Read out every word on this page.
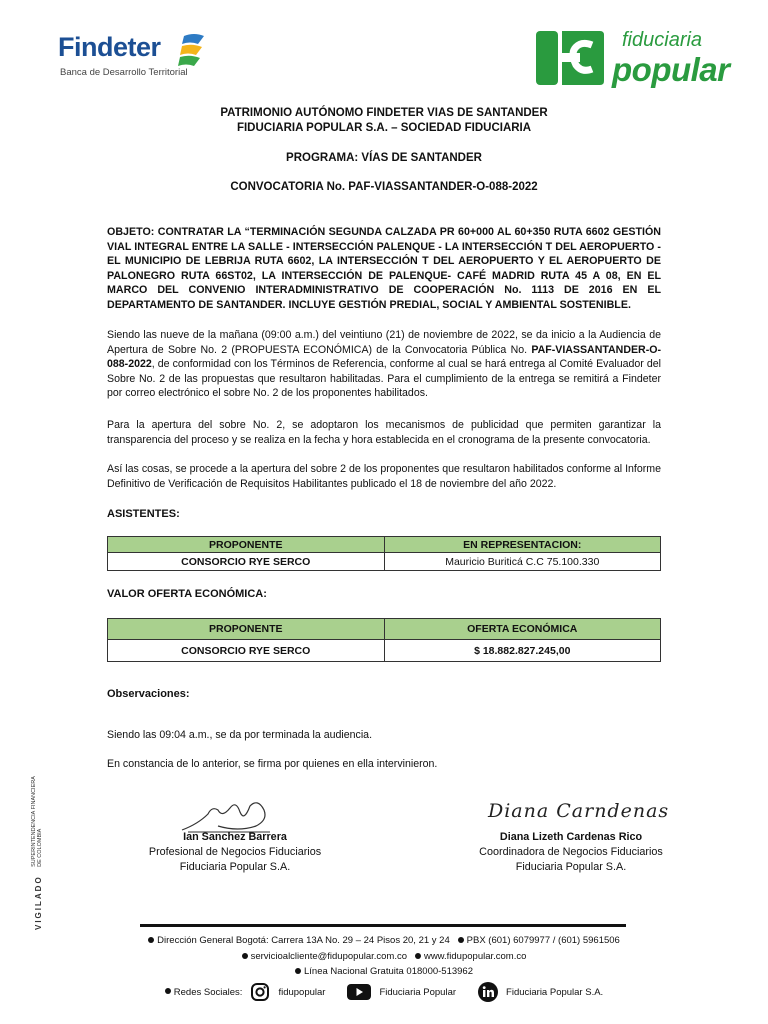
Findeter
Banca de Desarrollo Territorial
fiduciaria
popular
PATRIMONIO AUTÓNOMO FINDETER VIAS DE SANTANDER
FIDUCIARIA POPULAR S.A. – SOCIEDAD FIDUCIARIA
PROGRAMA: VÍAS DE SANTANDER
CONVOCATORIA No. PAF-VIASSANTANDER-O-088-2022
OBJETO: CONTRATAR LA “TERMINACIÓN SEGUNDA CALZADA PR 60+000 AL 60+350 RUTA 6602 GESTIÓN VIAL INTEGRAL ENTRE LA SALLE - INTERSECCIÓN PALENQUE - LA INTERSECCIÓN T DEL AEROPUERTO - EL MUNICIPIO DE LEBRIJA RUTA 6602, LA INTERSECCIÓN T DEL AEROPUERTO Y EL AEROPUERTO DE PALONEGRO RUTA 66ST02, LA INTERSECCIÓN DE PALENQUE- CAFÉ MADRID RUTA 45 A 08, EN EL MARCO DEL CONVENIO INTERADMINISTRATIVO DE COOPERACIÓN No. 1113 DE 2016 EN EL DEPARTAMENTO DE SANTANDER. INCLUYE GESTIÓN PREDIAL, SOCIAL Y AMBIENTAL SOSTENIBLE.
Siendo las nueve de la mañana (09:00 a.m.) del veintiuno (21) de noviembre de 2022, se da inicio a la Audiencia de Apertura de Sobre No. 2 (PROPUESTA ECONÓMICA) de la Convocatoria Pública No. PAF-VIASSANTANDER-O-088-2022, de conformidad con los Términos de Referencia, conforme al cual se hará entrega al Comité Evaluador del Sobre No. 2 de las propuestas que resultaron habilitadas. Para el cumplimiento de la entrega se remitirá a Findeter por correo electrónico el sobre No. 2 de los proponentes habilitados.
Para la apertura del sobre No. 2, se adoptaron los mecanismos de publicidad que permiten garantizar la transparencia del proceso y se realiza en la fecha y hora establecida en el cronograma de la presente convocatoria.
Así las cosas, se procede a la apertura del sobre 2 de los proponentes que resultaron habilitados conforme al Informe Definitivo de Verificación de Requisitos Habilitantes publicado el 18 de noviembre del año 2022.
ASISTENTES:
PROPONENTE	EN REPRESENTACION:
CONSORCIO RYE SERCO	Mauricio Buriticá C.C 75.100.330
VALOR OFERTA ECONÓMICA:
PROPONENTE	OFERTA ECONÓMICA
CONSORCIO RYE SERCO	$ 18.882.827.245,00
Observaciones:
Siendo las 09:04 a.m., se da por terminada la audiencia.
En constancia de lo anterior, se firma por quienes en ella intervinieron.
Ian Sanchez Barrera
Profesional de Negocios Fiduciarios
Fiduciaria Popular S.A.
Diana Carndenas
Diana Lizeth Cardenas Rico
Coordinadora de Negocios Fiduciarios
Fiduciaria Popular S.A.
VIGILADO SUPERINTENDENCIA FINANCIERA
DE COLOMBIA
Dirección General Bogotá: Carrera 13A No. 29 – 24 Pisos 20, 21 y 24 PBX (601) 6079977 / (601) 5961506
servicioalcliente@fidupopular.com.co www.fidupopular.com.co
Línea Nacional Gratuita 018000-513962
Redes Sociales:	fidupopular	Fiduciaria Popular	Fiduciaria Popular S.A.
